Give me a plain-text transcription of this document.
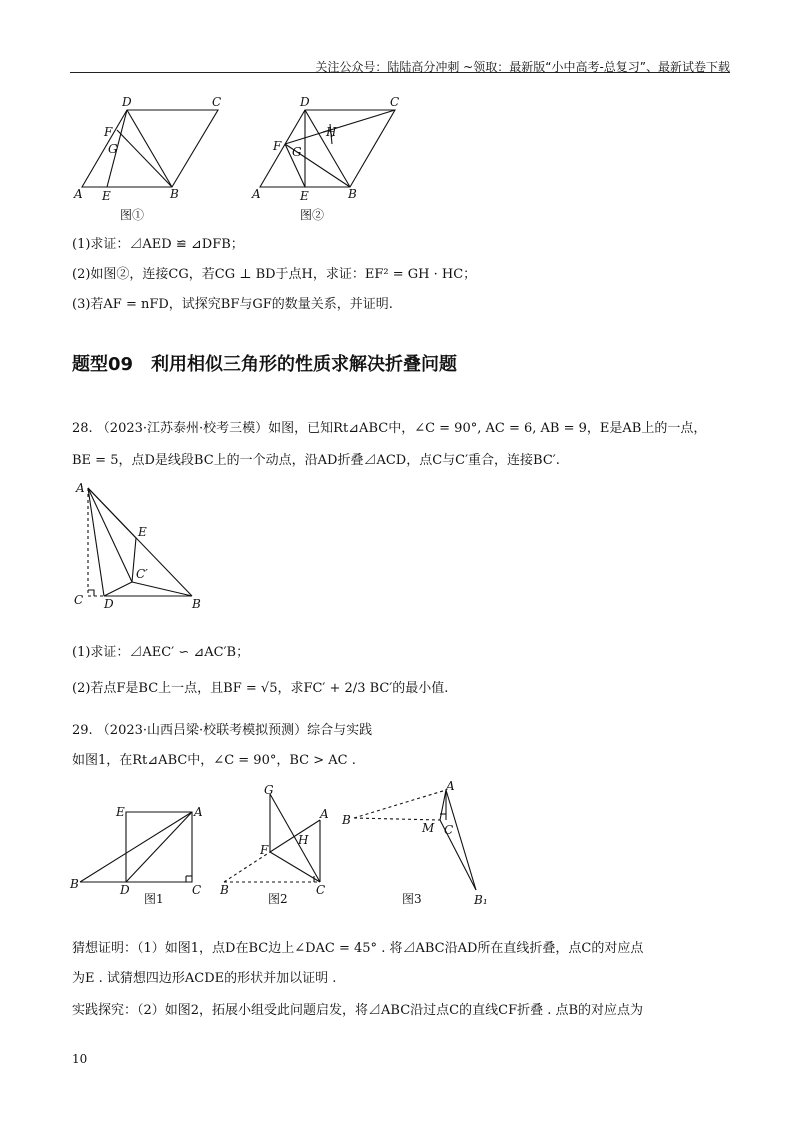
关注公众号：陆陆高分冲刺 ~领取：最新版“小中高考-总复习”、最新试卷下载
D	C
A E	B
F
G
D	C
A	E	B
F G
H
图①	图②
(1)求证：⊿AED ≌ ⊿DFB；
(2)如图②，连接CG，若CG ⊥ BD于点H，求证：EF² = GH · HC；
(3)若AF = nFD，试探究BF与GF的数量关系，并证明.
题型09　利用相似三角形的性质求解决折叠问题
28. （2023·江苏泰州·校考三模）如图，已知Rt⊿ABC中，∠C = 90°, AC = 6, AB = 9，E是AB上的一点，
BE = 5，点D是线段BC上的一个动点，沿AD折叠⊿ACD，点C与C′重合，连接BC′.
A
E
C′
C D	B
(1)求证：⊿AEC′ ∽ ⊿AC′B；
(2)若点F是BC上一点，且BF = √5，求FC′ + 2/3 BC′的最小值.
29. （2023·山西吕梁·校联考模拟预测）综合与实践
如图1，在Rt⊿ABC中，∠C = 90°，BC > AC .
E	A
B	D	C
G
A
F
H
B	C
B
A
M C
B₁
图1	图2	图3
猜想证明：（1）如图1，点D在BC边上∠DAC = 45° . 将⊿ABC沿AD所在直线折叠，点C的对应点
为E . 试猜想四边形ACDE的形状并加以证明 .
实践探究：（2）如图2，拓展小组受此问题启发，将⊿ABC沿过点C的直线CF折叠 . 点B的对应点为
10
